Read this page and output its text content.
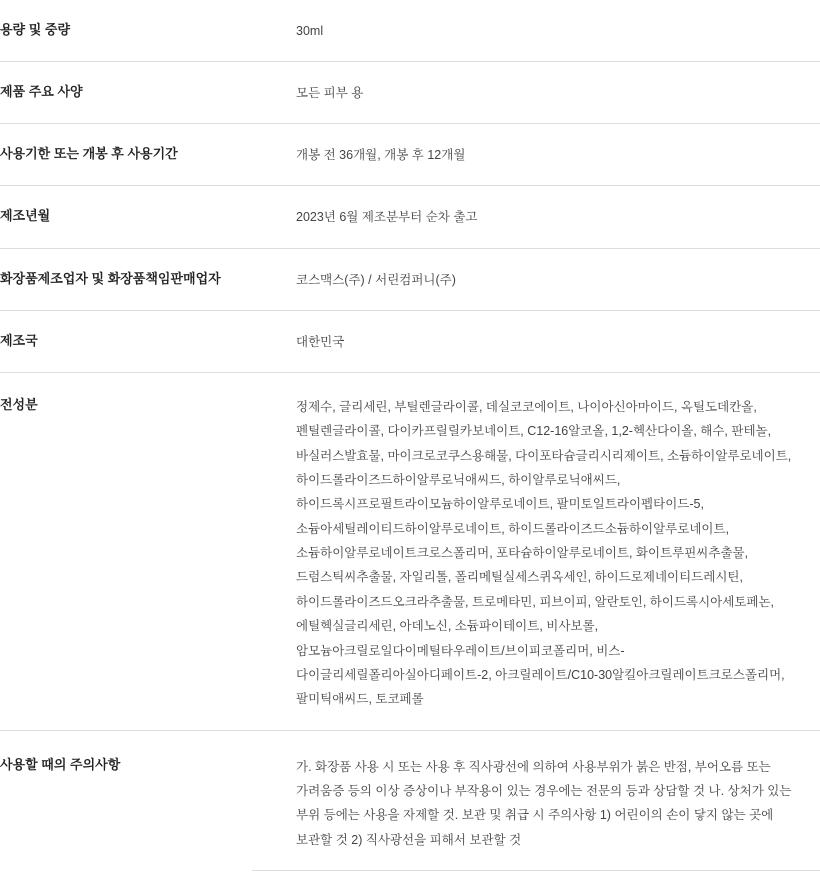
용량 및 중량	30ml
제품 주요 사양	모든 피부 용
사용기한 또는 개봉 후 사용기간	개봉 전 36개월, 개봉 후 12개월
제조년월	2023년 6월 제조분부터 순차 출고
화장품제조업자 및 화장품책임판매업자	코스맥스(주) / 서린컴퍼니(주)
제조국	대한민국
전성분	정제수, 글리세린, 부틸렌글라이콜, 데실코코에이트, 나이아신아마이드, 옥틸도데칸올, 펜틸렌글라이콜, 다이카프릴릴카보네이트, C12-16알코올, 1,2-헥산다이올, 해수, 판테놀, 바실러스발효물, 마이크로코쿠스용해물, 다이포타슘글리시리제이트, 소듐하이알루로네이트, 하이드롤라이즈드하이알루로닉애씨드, 하이알루로닉애씨드, 하이드록시프로필트라이모늄하이알루로네이트, 팔미토일트라이펩타이드-5, 소듐아세틸레이티드하이알루로네이트, 하이드롤라이즈드소듐하이알루로네이트, 소듐하이알루로네이트크로스폴리머, 포타슘하이알루로네이트, 화이트루핀씨추출물, 드럼스틱씨추출물, 자일리톨, 폴리메틸실세스퀴옥세인, 하이드로제네이티드레시틴, 하이드롤라이즈드오크라추출물, 트로메타민, 피브이피, 알란토인, 하이드록시아세토페논, 에틸헥실글리세린, 아데노신, 소듐파이테이트, 비사보롤, 암모늄아크릴로일다이메틸타우레이트/브이피코폴리머, 비스-다이글리세릴폴리아실아디페이트-2, 아크릴레이트/C10-30알킬아크릴레이트크로스폴리머, 팔미틱애씨드, 토코페롤
사용할 때의 주의사항	가. 화장품 사용 시 또는 사용 후 직사광선에 의하여 사용부위가 붉은 반점, 부어오름 또는 가려움증 등의 이상 증상이나 부작용이 있는 경우에는 전문의 등과 상담할 것 나. 상처가 있는 부위 등에는 사용을 자제할 것. 보관 및 취급 시 주의사항 1) 어린이의 손이 닿지 않는 곳에 보관할 것 2) 직사광선을 피해서 보관할 것
